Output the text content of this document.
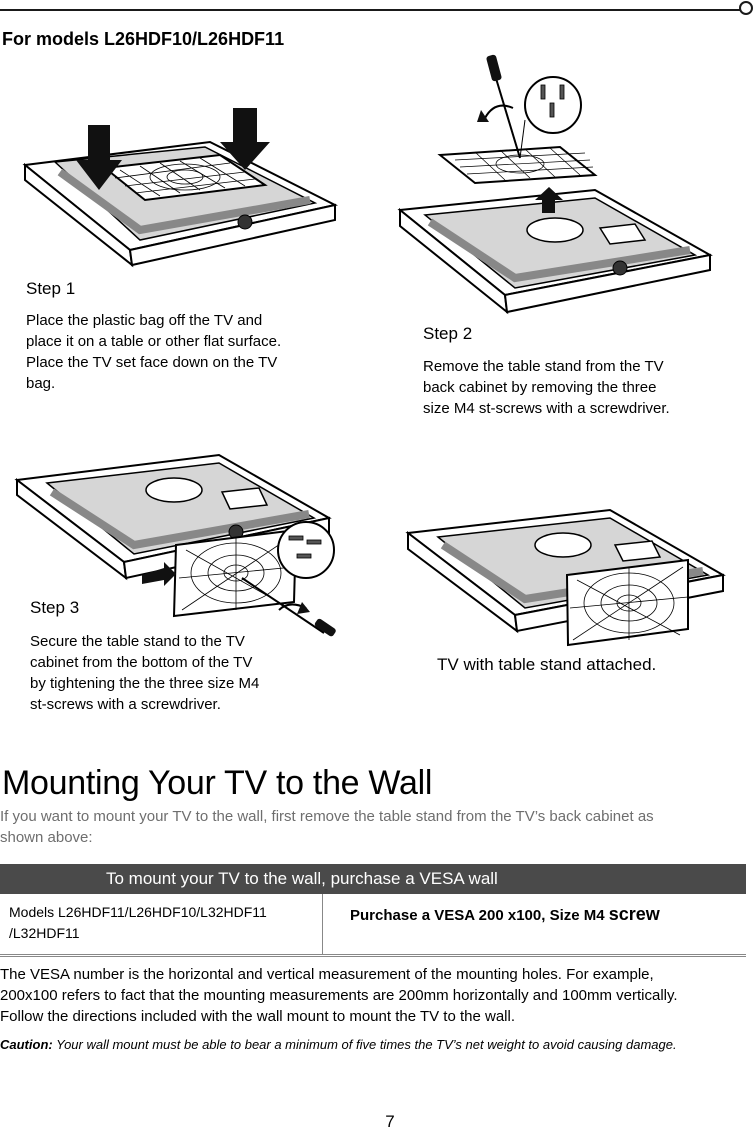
For models L26HDF10/L26HDF11
Step 1
Place the plastic bag off the TV and
place it on a table or other flat surface.
Place the TV set face down on the TV
bag.
Step 2
Remove the table stand from the TV
back cabinet by removing the three
size M4 st-screws with a screwdriver.
Step 3
Secure the table stand to the TV
cabinet from the bottom of the TV
by tightening the the three size M4
st-screws with a screwdriver.
TV with table stand attached.
Mounting Your TV to the Wall
If you want to mount your TV to the wall, first remove the table stand from the TV’s back cabinet as
shown above:
To mount your TV to the wall, purchase a VESA wall
Models L26HDF11/L26HDF10/L32HDF11
/L32HDF11
Purchase a VESA 200 x100, Size M4 screw
The VESA number is the horizontal and vertical measurement of the mounting holes. For example,
200x100 refers to fact that the mounting measurements are 200mm horizontally and 100mm vertically.
Follow the directions included with the wall mount to mount the TV to the wall.
Caution: Your wall mount must be able to bear a minimum of five times the TV’s net weight to avoid causing damage.
7
